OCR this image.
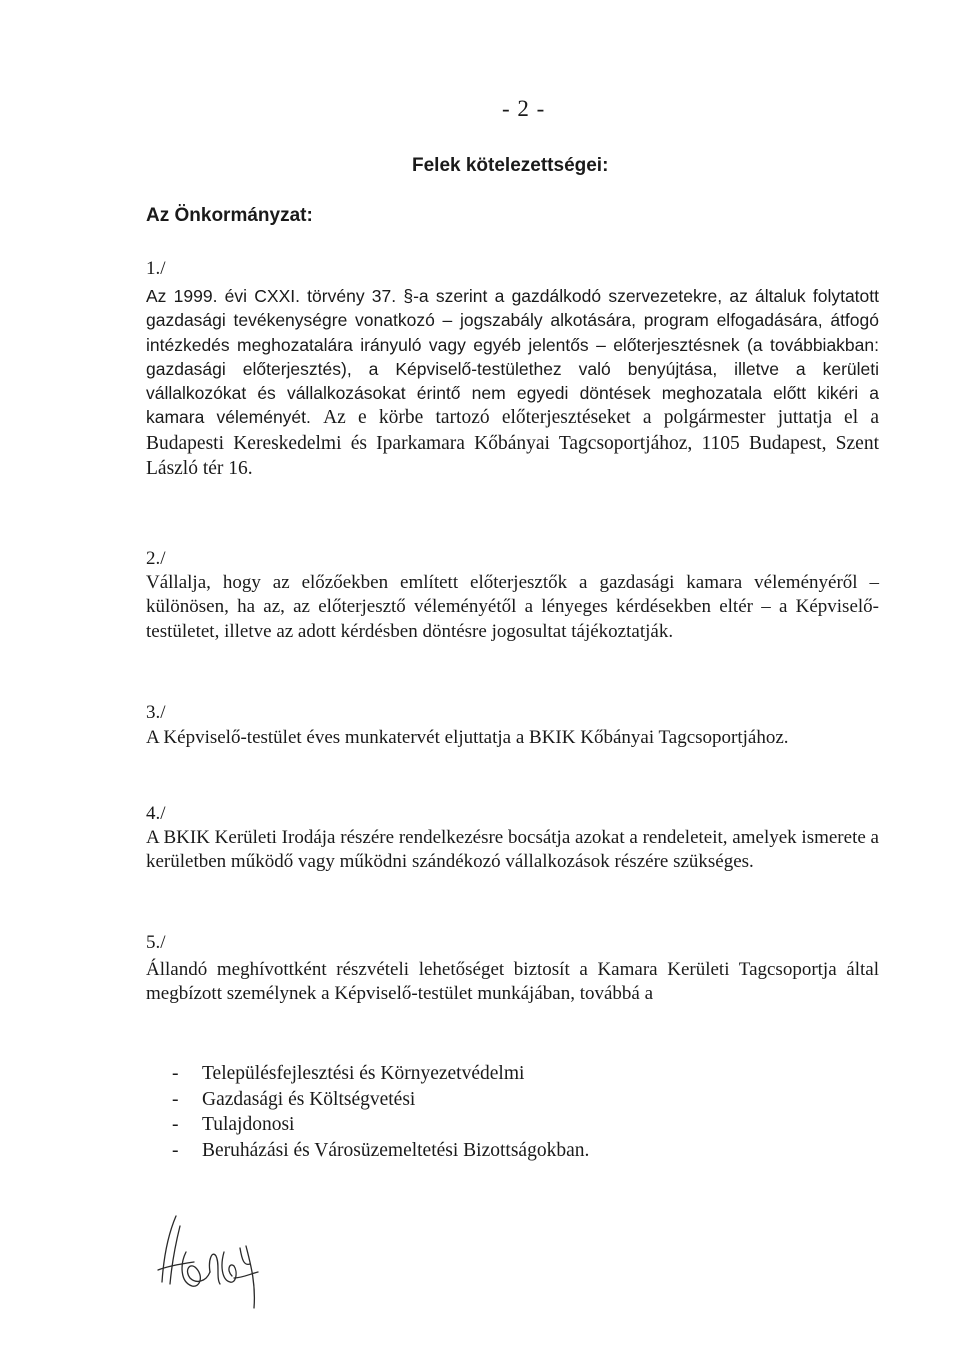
- 2 -
Felek kötelezettségei:
Az Önkormányzat:
1./

Az 1999. évi CXXI. törvény 37. §-a szerint a gazdálkodó szervezetekre, az általuk folytatott gazdasági tevékenységre vonatkozó – jogszabály alkotására, program elfogadására, átfogó intézkedés meghozatalára irányuló vagy egyéb jelentős – előterjesztésnek (a továbbiakban: gazdasági előterjesztés), a Képviselő-testülethez való benyújtása, illetve a kerületi vállalkozókat és vállalkozásokat érintő nem egyedi döntések meghozatala előtt kikéri a kamara véleményét. Az e körbe tartozó előterjesztéseket a polgármester juttatja el a Budapesti Kereskedelmi és Iparkamara Kőbányai Tagcsoportjához, 1105 Budapest, Szent László tér 16.

2./

Vállalja, hogy az előzőekben említett előterjesztők a gazdasági kamara véleményéről – különösen, ha az, az előterjesztő véleményétől a lényeges kérdésekben eltér – a Képviselő-testületet, illetve az adott kérdésben döntésre jogosultat tájékoztatják.

3./

A Képviselő-testület éves munkatervét eljuttatja a BKIK Kőbányai Tagcsoportjához.

4./

A BKIK Kerületi Irodája részére rendelkezésre bocsátja azokat a rendeleteit, amelyek ismerete a kerületben működő vagy működni szándékozó vállalkozások részére szükséges.

5./

Állandó meghívottként részvételi lehetőséget biztosít a Kamara Kerületi Tagcsoportja által megbízott személynek a Képviselő-testület munkájában, továbbá a

-	Településfejlesztési és Környezetvédelmi
-	Gazdasági és Költségvetési
-	Tulajdonosi
-	Beruházási és Városüzemeltetési Bizottságokban.
